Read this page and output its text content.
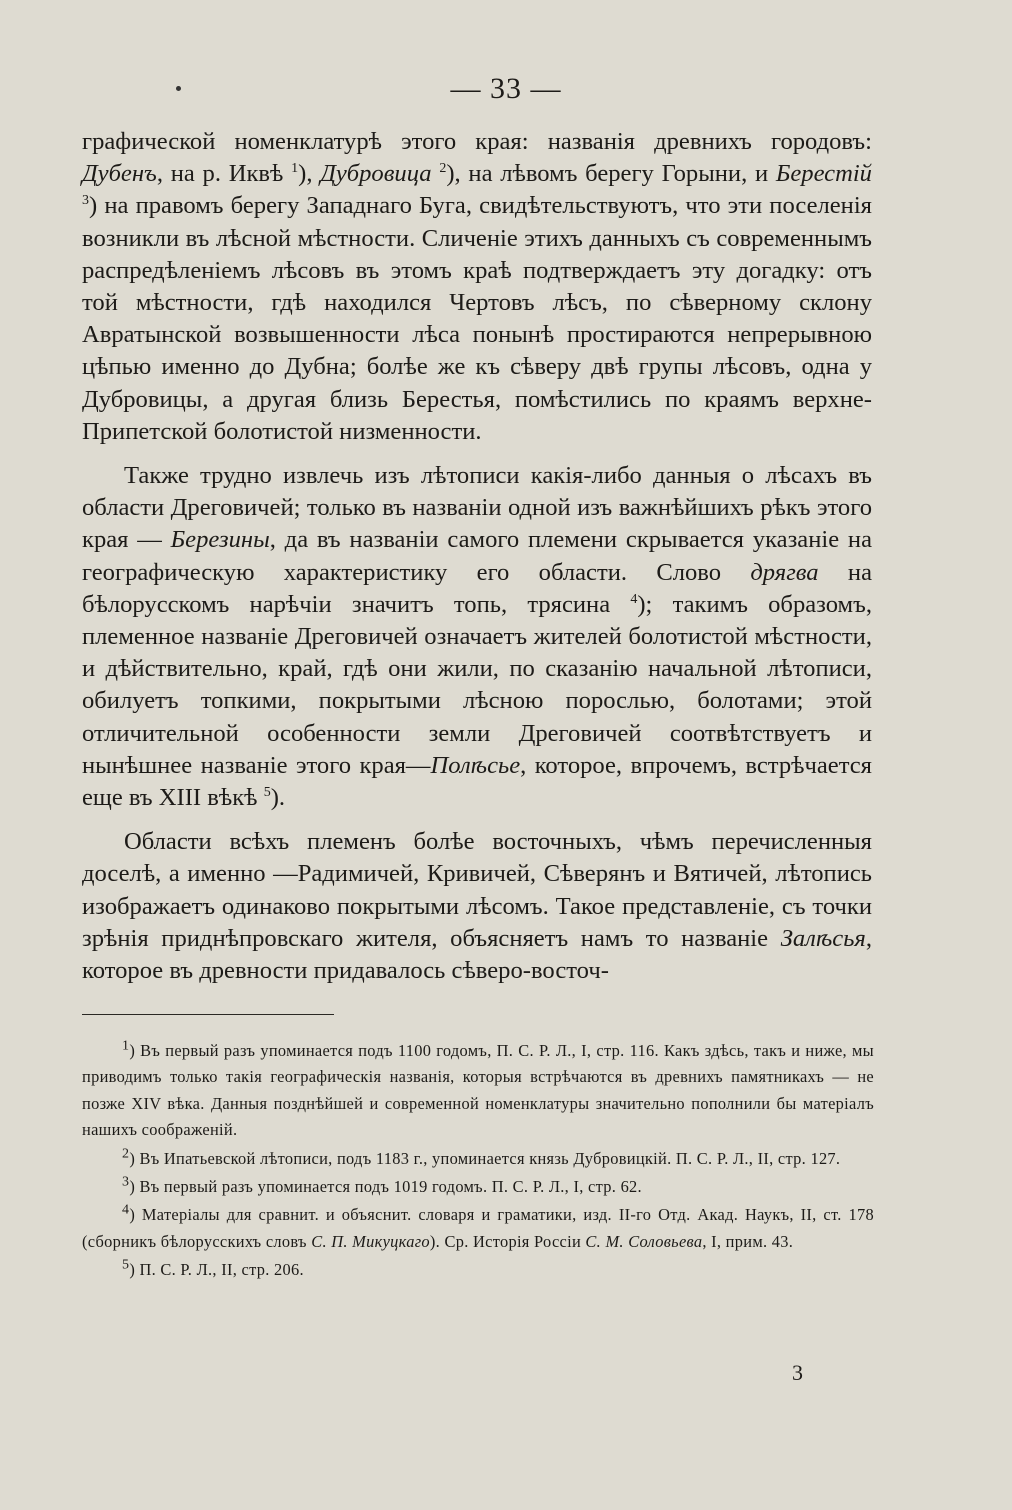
— 33 —

графической номенклатурѣ этого края: названія древнихъ городовъ: Дубенъ, на р. Иквѣ $^1$), Дубровица $^2$), на лѣвомъ берегу Горыни, и Берестій $^3$) на правомъ берегу Западнаго Буга, свидѣтельствуютъ, что эти поселенія возникли въ лѣсной мѣстности. Сличеніе этихъ данныхъ съ современнымъ распредѣленіемъ лѣсовъ въ этомъ краѣ подтверждаетъ эту догадку: отъ той мѣстности, гдѣ находился Чертовъ лѣсъ, по сѣверному склону Авратынской возвышенности лѣса понынѣ простираются непрерывною цѣпью именно до Дубна; болѣе же къ сѣверу двѣ групы лѣсовъ, одна у Дубровицы, а другая близь Берестья, помѣстились по краямъ верхне-Припетской болотистой низменности.

Также трудно извлечь изъ лѣтописи какія-либо данныя о лѣсахъ въ области Дреговичей; только въ названіи одной изъ важнѣйшихъ рѣкъ этого края — Березины, да въ названіи самого племени скрывается указаніе на географическую характеристику его области. Слово дрягва на бѣлорусскомъ нарѣчіи значитъ топь, трясина $^4$); такимъ образомъ, племенное названіе Дреговичей означаетъ жителей болотистой мѣстности, и дѣйствительно, край, гдѣ они жили, по сказанію начальной лѣтописи, обилуетъ топкими, покрытыми лѣсною порослью, болотами; этой отличительной особенности земли Дреговичей соотвѣтствуетъ и нынѣшнее названіе этого края—Полѣсье, которое, впрочемъ, встрѣчается еще въ XIII вѣкѣ $^5$).

Области всѣхъ племенъ болѣе восточныхъ, чѣмъ перечисленныя доселѣ, а именно —Радимичей, Кривичей, Сѣверянъ и Вятичей, лѣтопись изображаетъ одинаково покрытыми лѣсомъ. Такое представленіе, съ точки зрѣнія приднѣпровскаго жителя, объясняетъ намъ то названіе Залѣсья, которое въ древности придавалось сѣверо-восточ-

$^1$) Въ первый разъ упоминается подъ 1100 годомъ, П. С. Р. Л., I, стр. 116. Какъ здѣсь, такъ и ниже, мы приводимъ только такія географическія названія, которыя встрѣчаются въ древнихъ памятникахъ — не позже XIV вѣка. Данныя позднѣйшей и современной номенклатуры значительно пополнили бы матеріалъ нашихъ соображеній.

$^2$) Въ Ипатьевской лѣтописи, подъ 1183 г., упоминается князь Дубровицкій. П. С. Р. Л., II, стр. 127.

$^3$) Въ первый разъ упоминается подъ 1019 годомъ. П. С. Р. Л., I, стр. 62.

$^4$) Матеріалы для сравнит. и объяснит. словаря и граматики, изд. II-го Отд. Акад. Наукъ, II, ст. 178 (сборникъ бѣлорусскихъ словъ С. П. Микуцкаго). Ср. Исторія Россіи С. М. Соловьева, I, прим. 43.

$^5$) П. С. Р. Л., II, стр. 206.

3
